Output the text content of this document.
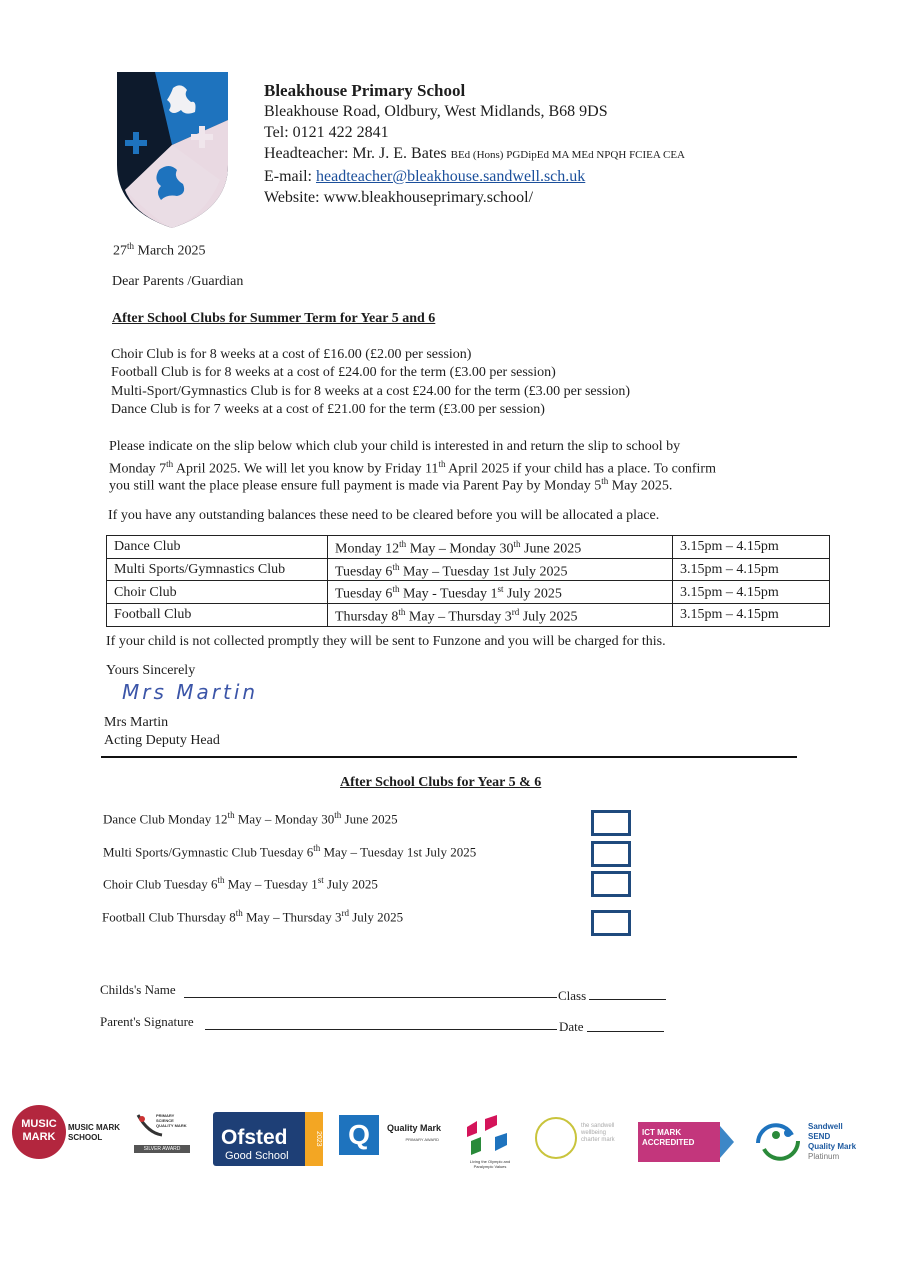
Bleakhouse Primary School
Bleakhouse Road, Oldbury, West Midlands, B68 9DS
Tel: 0121 422 2841
Headteacher: Mr. J. E. Bates BEd (Hons) PGDipEd MA MEd NPQH FCIEA CEA
E-mail: headteacher@bleakhouse.sandwell.sch.uk
Website: www.bleakhouseprimary.school/
27th March 2025
Dear Parents /Guardian
After School Clubs for Summer Term for Year 5 and 6
Choir Club is for 8 weeks at a cost of £16.00 (£2.00 per session)
Football Club is for 8 weeks at a cost of £24.00 for the term (£3.00 per session)
Multi-Sport/Gymnastics Club is for 8 weeks at a cost £24.00 for the term (£3.00 per session)
Dance Club is for 7 weeks at a cost of £21.00 for the term (£3.00 per session)
Please indicate on the slip below which club your child is interested in and return the slip to school by
Monday 7th April 2025. We will let you know by Friday 11th April 2025 if your child has a place. To confirm
you still want the place please ensure full payment is made via Parent Pay by Monday 5th May 2025.
If you have any outstanding balances these need to be cleared before you will be allocated a place.
Dance Club	Monday 12th May – Monday 30th June 2025	3.15pm – 4.15pm
Multi Sports/Gymnastics Club	Tuesday 6th May – Tuesday 1st July 2025	3.15pm – 4.15pm
Choir Club	Tuesday 6th May - Tuesday 1st July 2025	3.15pm – 4.15pm
Football Club	Thursday 8th May – Thursday 3rd July 2025	3.15pm – 4.15pm
If your child is not collected promptly they will be sent to Funzone and you will be charged for this.
Yours Sincerely
Mrs Martin
Mrs Martin
Acting Deputy Head
After School Clubs for Year 5 & 6
Dance Club Monday 12th May – Monday 30th June 2025
Multi Sports/Gymnastic Club Tuesday 6th May – Tuesday 1st July 2025
Choir Club Tuesday 6th May – Tuesday 1st July 2025
Football Club Thursday 8th May – Thursday 3rd July 2025
Childs's Name	Class
Parent's Signature	Date
MUSIC MARK
MUSIC MARK SCHOOL
PRIMARY SCIENCE QUALITY MARK
SILVER AWARD	Ofsted
Good School
2023 Q	Quality Mark
PRIMARY AWARD
Living the Olympic and Paralympic Values
the sandwell wellbeing charter mark
ICT MARK ACCREDITED
Sandwell
SEND
Quality Mark
Platinum
